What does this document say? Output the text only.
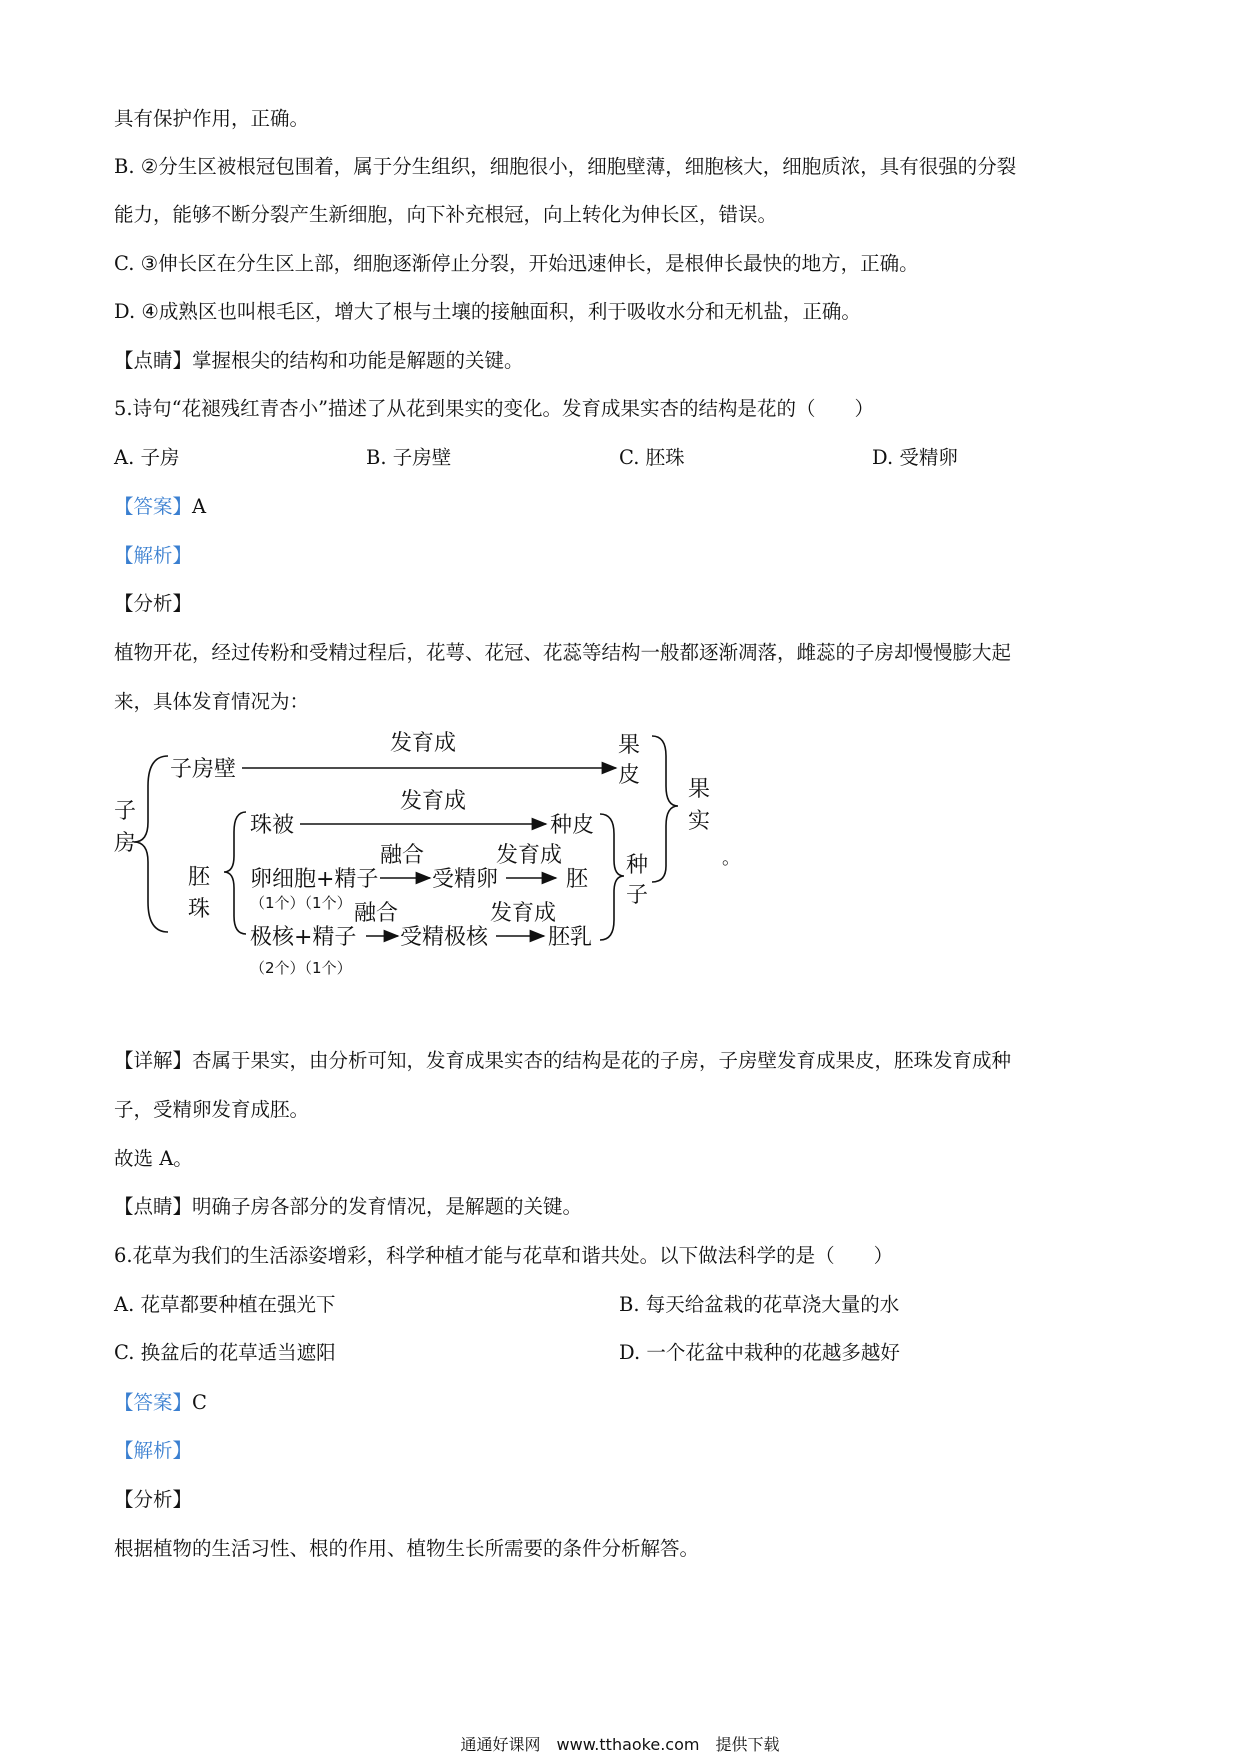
具有保护作用，正确。
B. ②分生区被根冠包围着，属于分生组织，细胞很小，细胞壁薄，细胞核大，细胞质浓，具有很强的分裂
能力，能够不断分裂产生新细胞，向下补充根冠，向上转化为伸长区，错误。
C. ③伸长区在分生区上部，细胞逐渐停止分裂，开始迅速伸长，是根伸长最快的地方，正确。
D. ④成熟区也叫根毛区，增大了根与土壤的接触面积，利于吸收水分和无机盐，正确。
【点睛】掌握根尖的结构和功能是解题的关键。
5.诗句“花褪残红青杏小”描述了从花到果实的变化。发育成果实杏的结构是花的（　　）
A. 子房	B. 子房壁	C. 胚珠	D. 受精卵
【答案】A
【解析】
【分析】
植物开花，经过传粉和受精过程后，花萼、花冠、花蕊等结构一般都逐渐凋落，雌蕊的子房却慢慢膨大起
来，具体发育情况为：
子
房
子房壁
发育成	果
皮
果
实
珠被
发育成
种 皮
胚
珠
卵细胞+精子
融合
受精卵
发育成
胚
种
子
。
极核+精子
融合
受精极核
发育成
胚乳
（1个）（1个）
（2个）（1个）
【详解】杏属于果实，由分析可知，发育成果实杏的结构是花的子房，子房壁发育成果皮，胚珠发育成种
子，受精卵发育成胚。
故选 A。
【点睛】明确子房各部分的发育情况，是解题的关键。
6.花草为我们的生活添姿增彩，科学种植才能与花草和谐共处。以下做法科学的是（　　）
A. 花草都要种植在强光下	B. 每天给盆栽的花草浇大量的水
C. 换盆后的花草适当遮阳	D. 一个花盆中栽种的花越多越好
【答案】C
【解析】
【分析】
根据植物的生活习性、根的作用、植物生长所需要的条件分析解答。
通通好课网　www.tthaoke.com　提供下载
